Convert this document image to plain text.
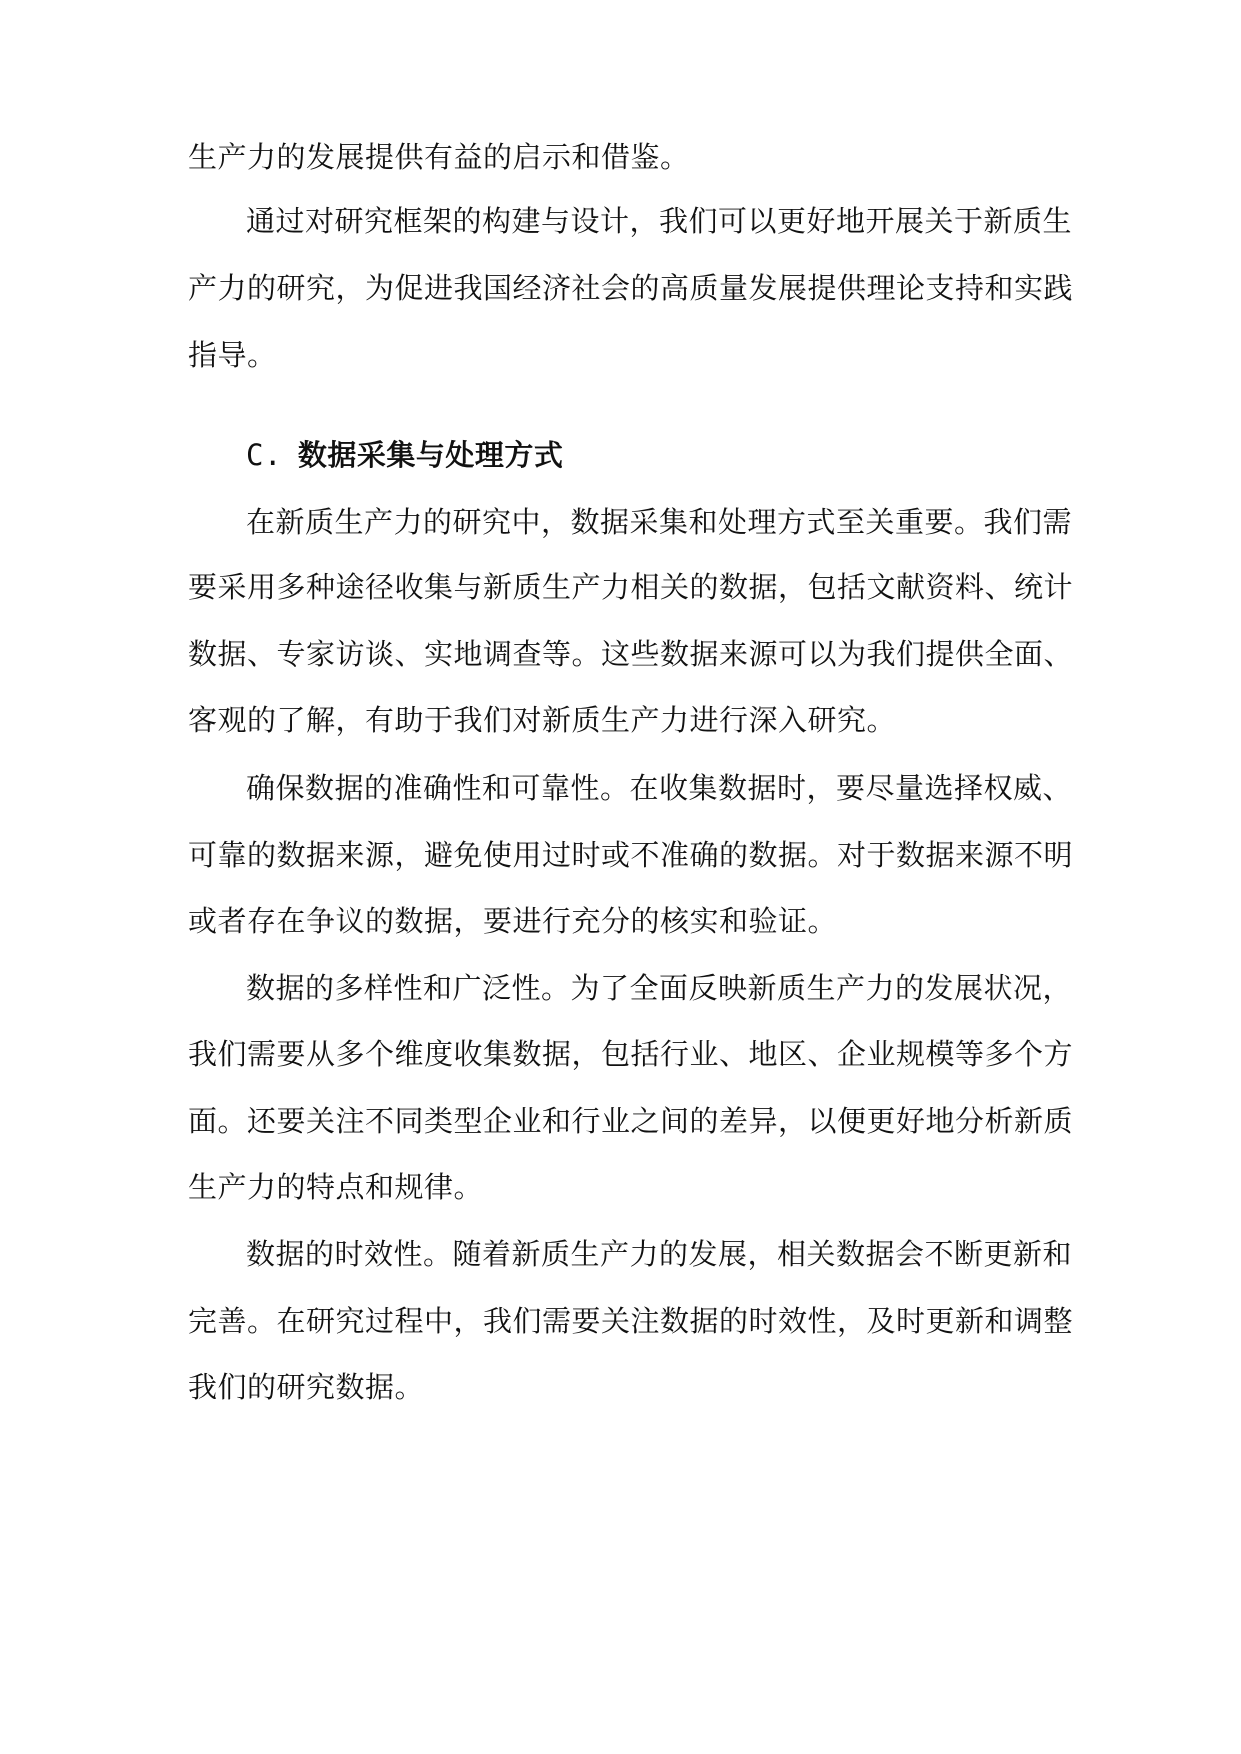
生产力的发展提供有益的启示和借鉴。
通过对研究框架的构建与设计，我们可以更好地开展关于新质生
产力的研究，为促进我国经济社会的高质量发展提供理论支持和实践
指导。
C. 数据采集与处理方式
在新质生产力的研究中，数据采集和处理方式至关重要。我们需
要采用多种途径收集与新质生产力相关的数据，包括文献资料、统计
数据、专家访谈、实地调查等。这些数据来源可以为我们提供全面、
客观的了解，有助于我们对新质生产力进行深入研究。
确保数据的准确性和可靠性。在收集数据时，要尽量选择权威、
可靠的数据来源，避免使用过时或不准确的数据。对于数据来源不明
或者存在争议的数据，要进行充分的核实和验证。
数据的多样性和广泛性。为了全面反映新质生产力的发展状况，
我们需要从多个维度收集数据，包括行业、地区、企业规模等多个方
面。还要关注不同类型企业和行业之间的差异，以便更好地分析新质
生产力的特点和规律。
数据的时效性。随着新质生产力的发展，相关数据会不断更新和
完善。在研究过程中，我们需要关注数据的时效性，及时更新和调整
我们的研究数据。
